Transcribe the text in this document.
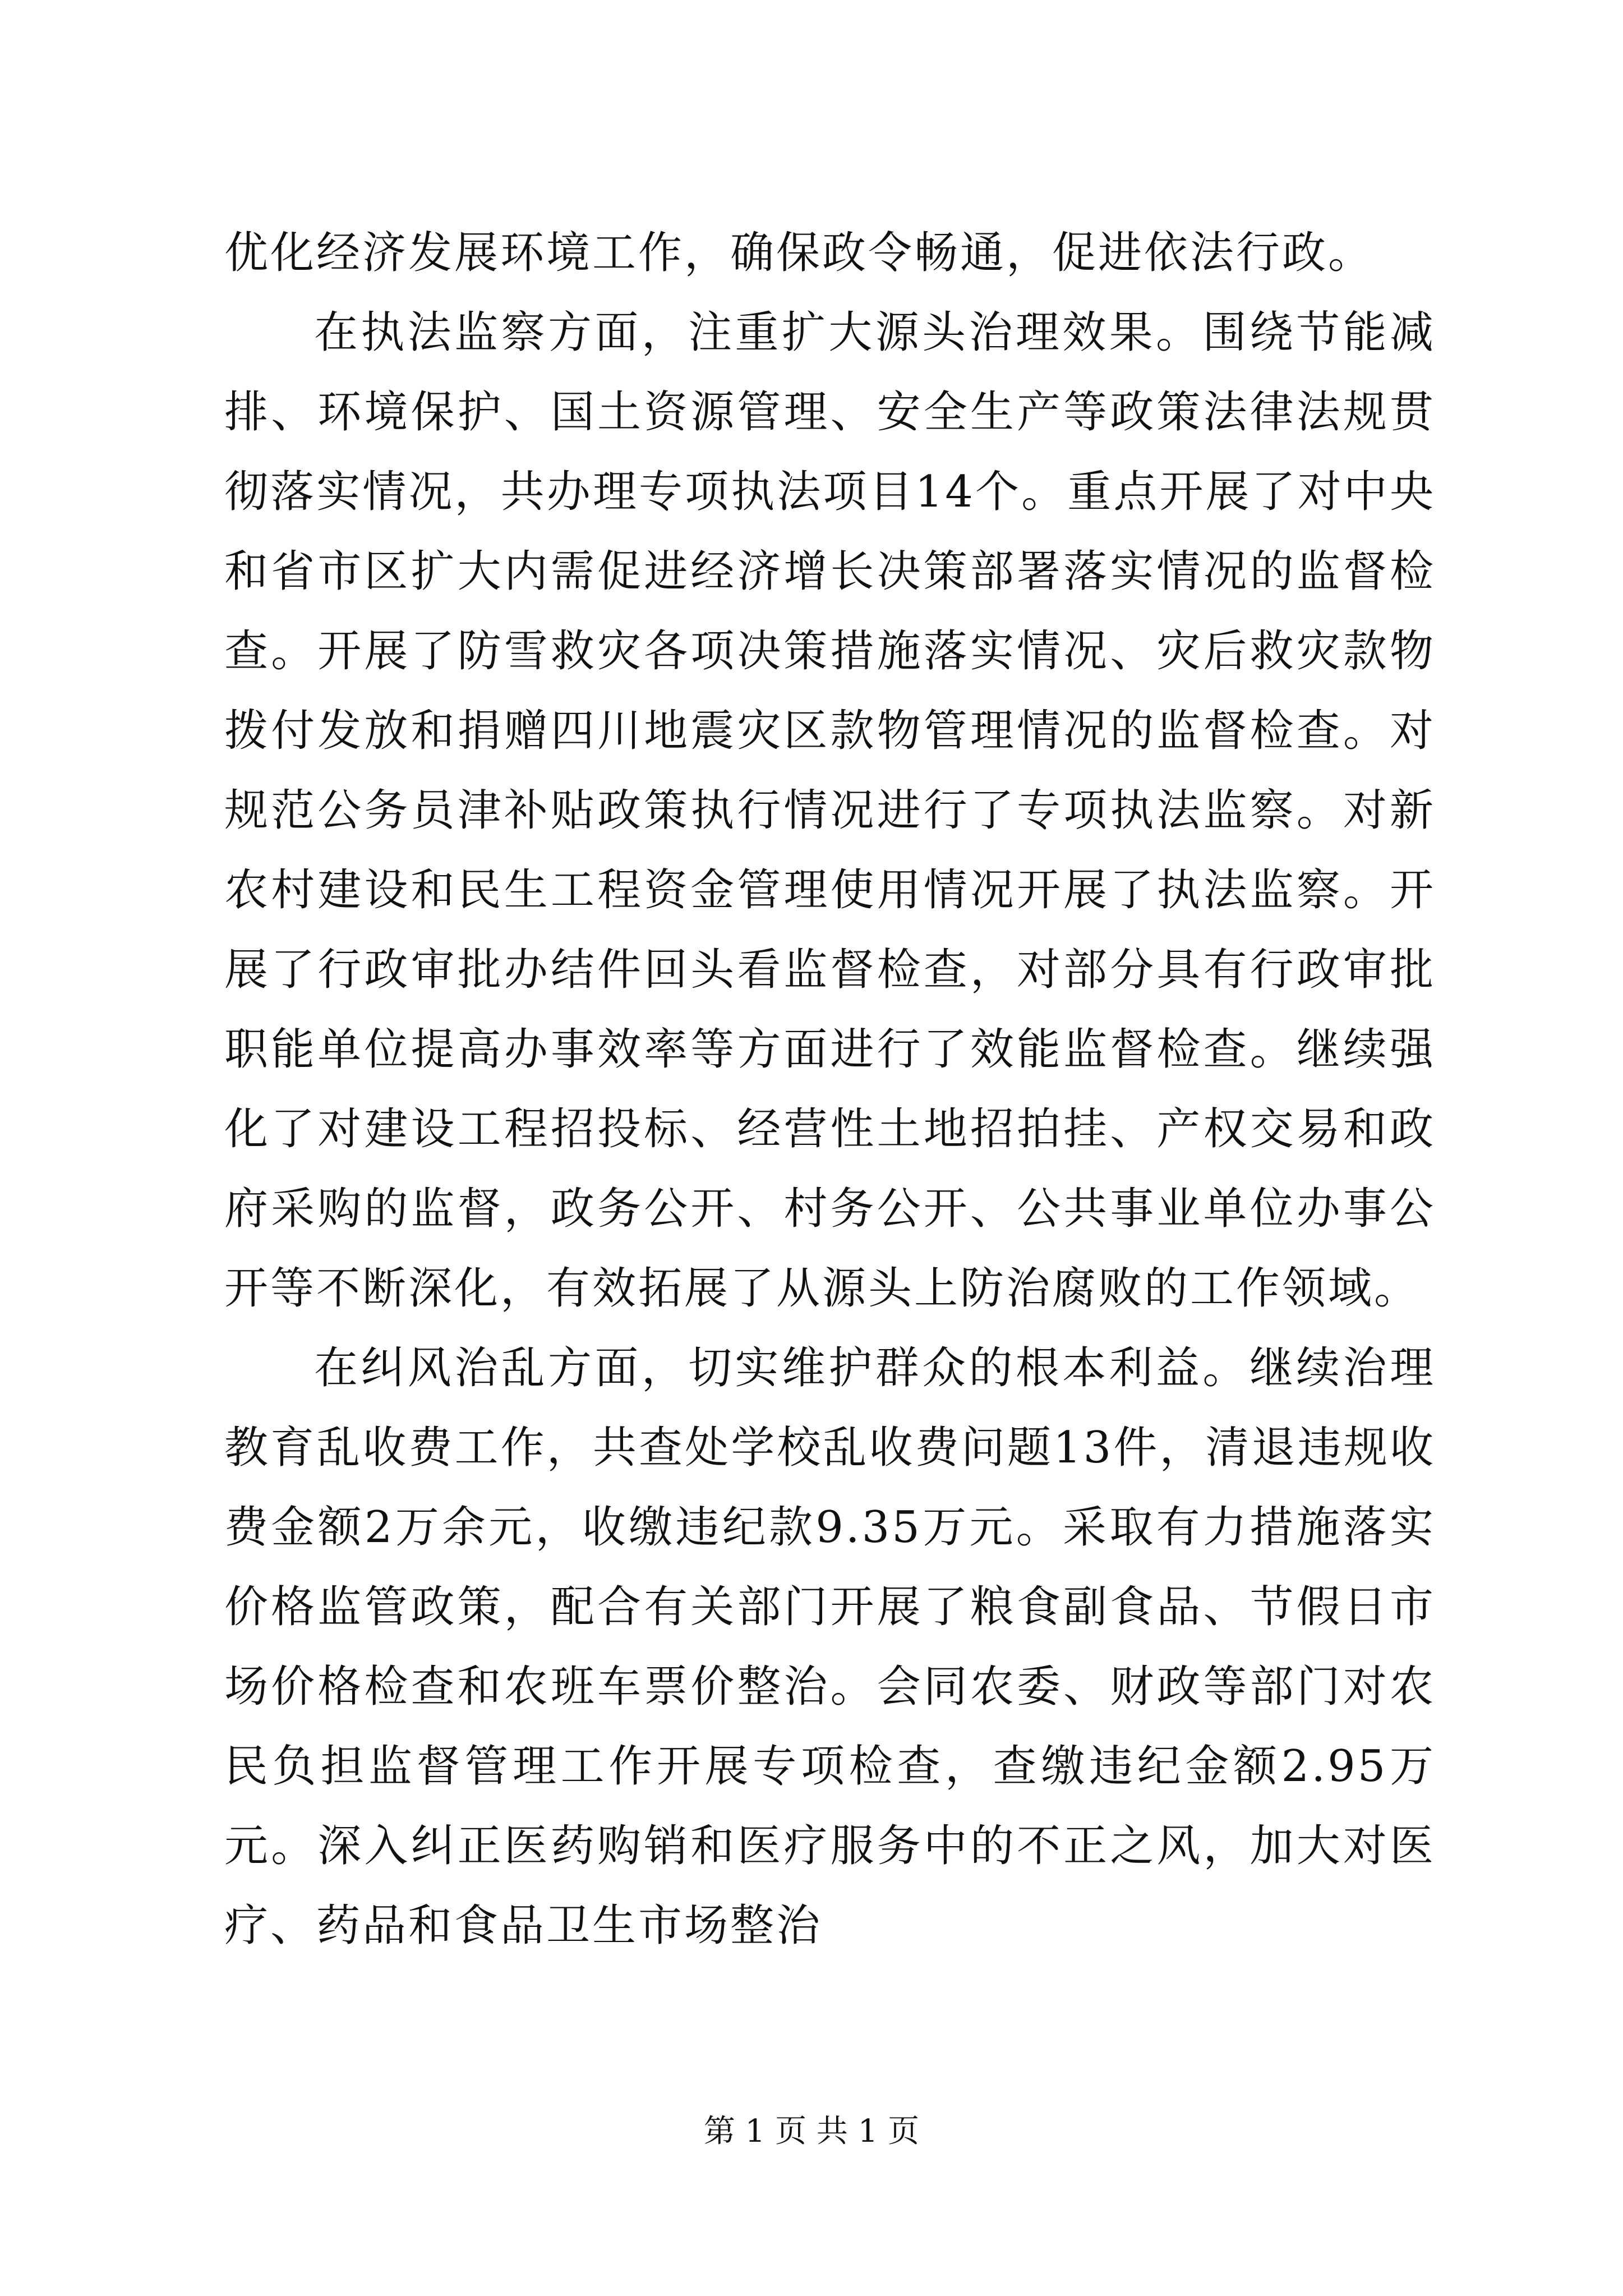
优化经济发展环境工作，确保政令畅通，促进依法行政。

在执法监察方面，注重扩大源头治理效果。围绕节能减排、环境保护、国土资源管理、安全生产等政策法律法规贯彻落实情况，共办理专项执法项目14个。重点开展了对中央和省市区扩大内需促进经济增长决策部署落实情况的监督检查。开展了防雪救灾各项决策措施落实情况、灾后救灾款物拨付发放和捐赠四川地震灾区款物管理情况的监督检查。对规范公务员津补贴政策执行情况进行了专项执法监察。对新农村建设和民生工程资金管理使用情况开展了执法监察。开展了行政审批办结件回头看监督检查，对部分具有行政审批职能单位提高办事效率等方面进行了效能监督检查。继续强化了对建设工程招投标、经营性土地招拍挂、产权交易和政府采购的监督，政务公开、村务公开、公共事业单位办事公开等不断深化，有效拓展了从源头上防治腐败的工作领域。

在纠风治乱方面，切实维护群众的根本利益。继续治理教育乱收费工作，共查处学校乱收费问题13件，清退违规收费金额2万余元，收缴违纪款9.35万元。采取有力措施落实价格监管政策，配合有关部门开展了粮食副食品、节假日市场价格检查和农班车票价整治。会同农委、财政等部门对农民负担监督管理工作开展专项检查，查缴违纪金额2.95万元。深入纠正医药购销和医疗服务中的不正之风，加大对医疗、药品和食品卫生市场整治

第 1 页 共 1 页
